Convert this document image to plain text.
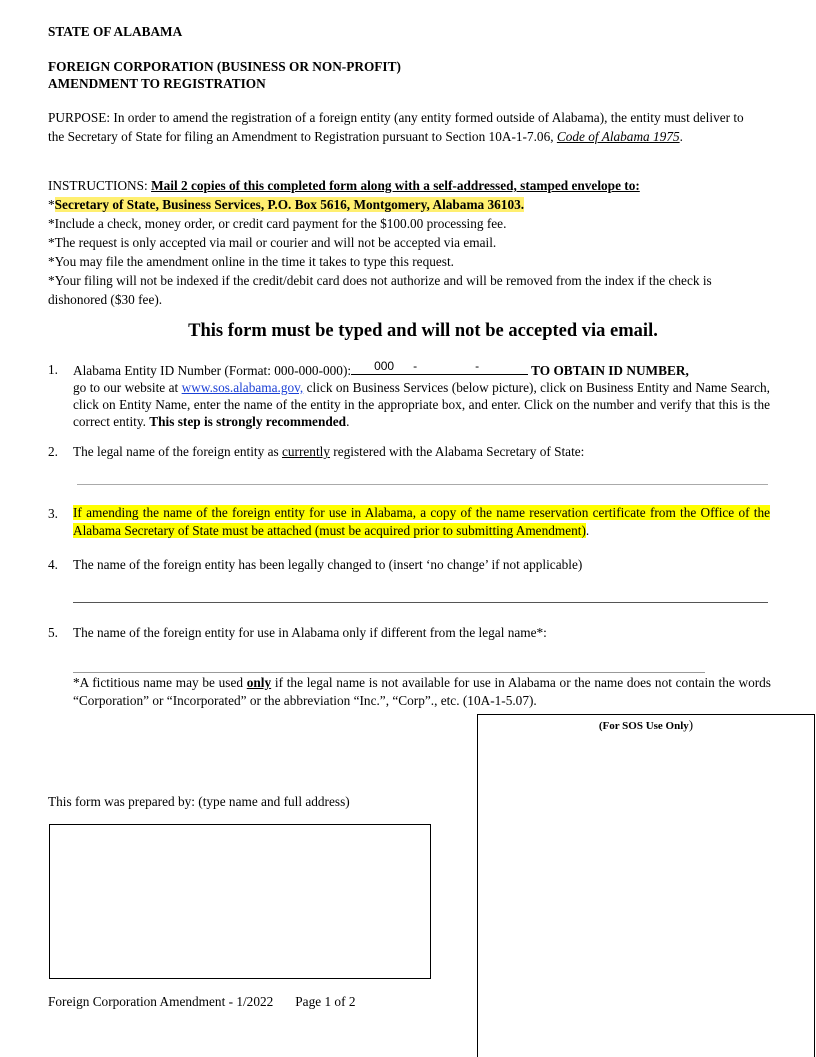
STATE OF ALABAMA
FOREIGN CORPORATION (BUSINESS OR NON-PROFIT)
AMENDMENT TO REGISTRATION
PURPOSE: In order to amend the registration of a foreign entity (any entity formed outside of Alabama), the entity must deliver to the Secretary of State for filing an Amendment to Registration pursuant to Section 10A-1-7.06, Code of Alabama 1975.
INSTRUCTIONS: Mail 2 copies of this completed form along with a self-addressed, stamped envelope to:
*Secretary of State, Business Services, P.O. Box 5616, Montgomery, Alabama 36103.
*Include a check, money order, or credit card payment for the $100.00 processing fee.
*The request is only accepted via mail or courier and will not be accepted via email.
*You may file the amendment online in the time it takes to type this request.
*Your filing will not be indexed if the credit/debit card does not authorize and will be removed from the index if the check is dishonored ($30 fee).
This form must be typed and will not be accepted via email.
1. Alabama Entity ID Number (Format: 000-000-000): 000 -	-	TO OBTAIN ID NUMBER,
go to our website at www.sos.alabama.gov, click on Business Services (below picture), click on Business Entity and Name Search, click on Entity Name, enter the name of the entity in the appropriate box, and enter. Click on the number and verify that this is the correct entity. This step is strongly recommended.
2. The legal name of the foreign entity as currently registered with the Alabama Secretary of State:
3. If amending the name of the foreign entity for use in Alabama, a copy of the name reservation certificate from the Office of the Alabama Secretary of State must be attached (must be acquired prior to submitting Amendment).
4. The name of the foreign entity has been legally changed to (insert ‘no change’ if not applicable)
5. The name of the foreign entity for use in Alabama only if different from the legal name*:
*A fictitious name may be used only if the legal name is not available for use in Alabama or the name does not contain the words “Corporation” or “Incorporated” or the abbreviation “Inc.”, “Corp”., etc. (10A-1-5.07).
(For SOS Use Only)
This form was prepared by: (type name and full address)
Foreign Corporation Amendment - 1/2022 Page 1 of 2
